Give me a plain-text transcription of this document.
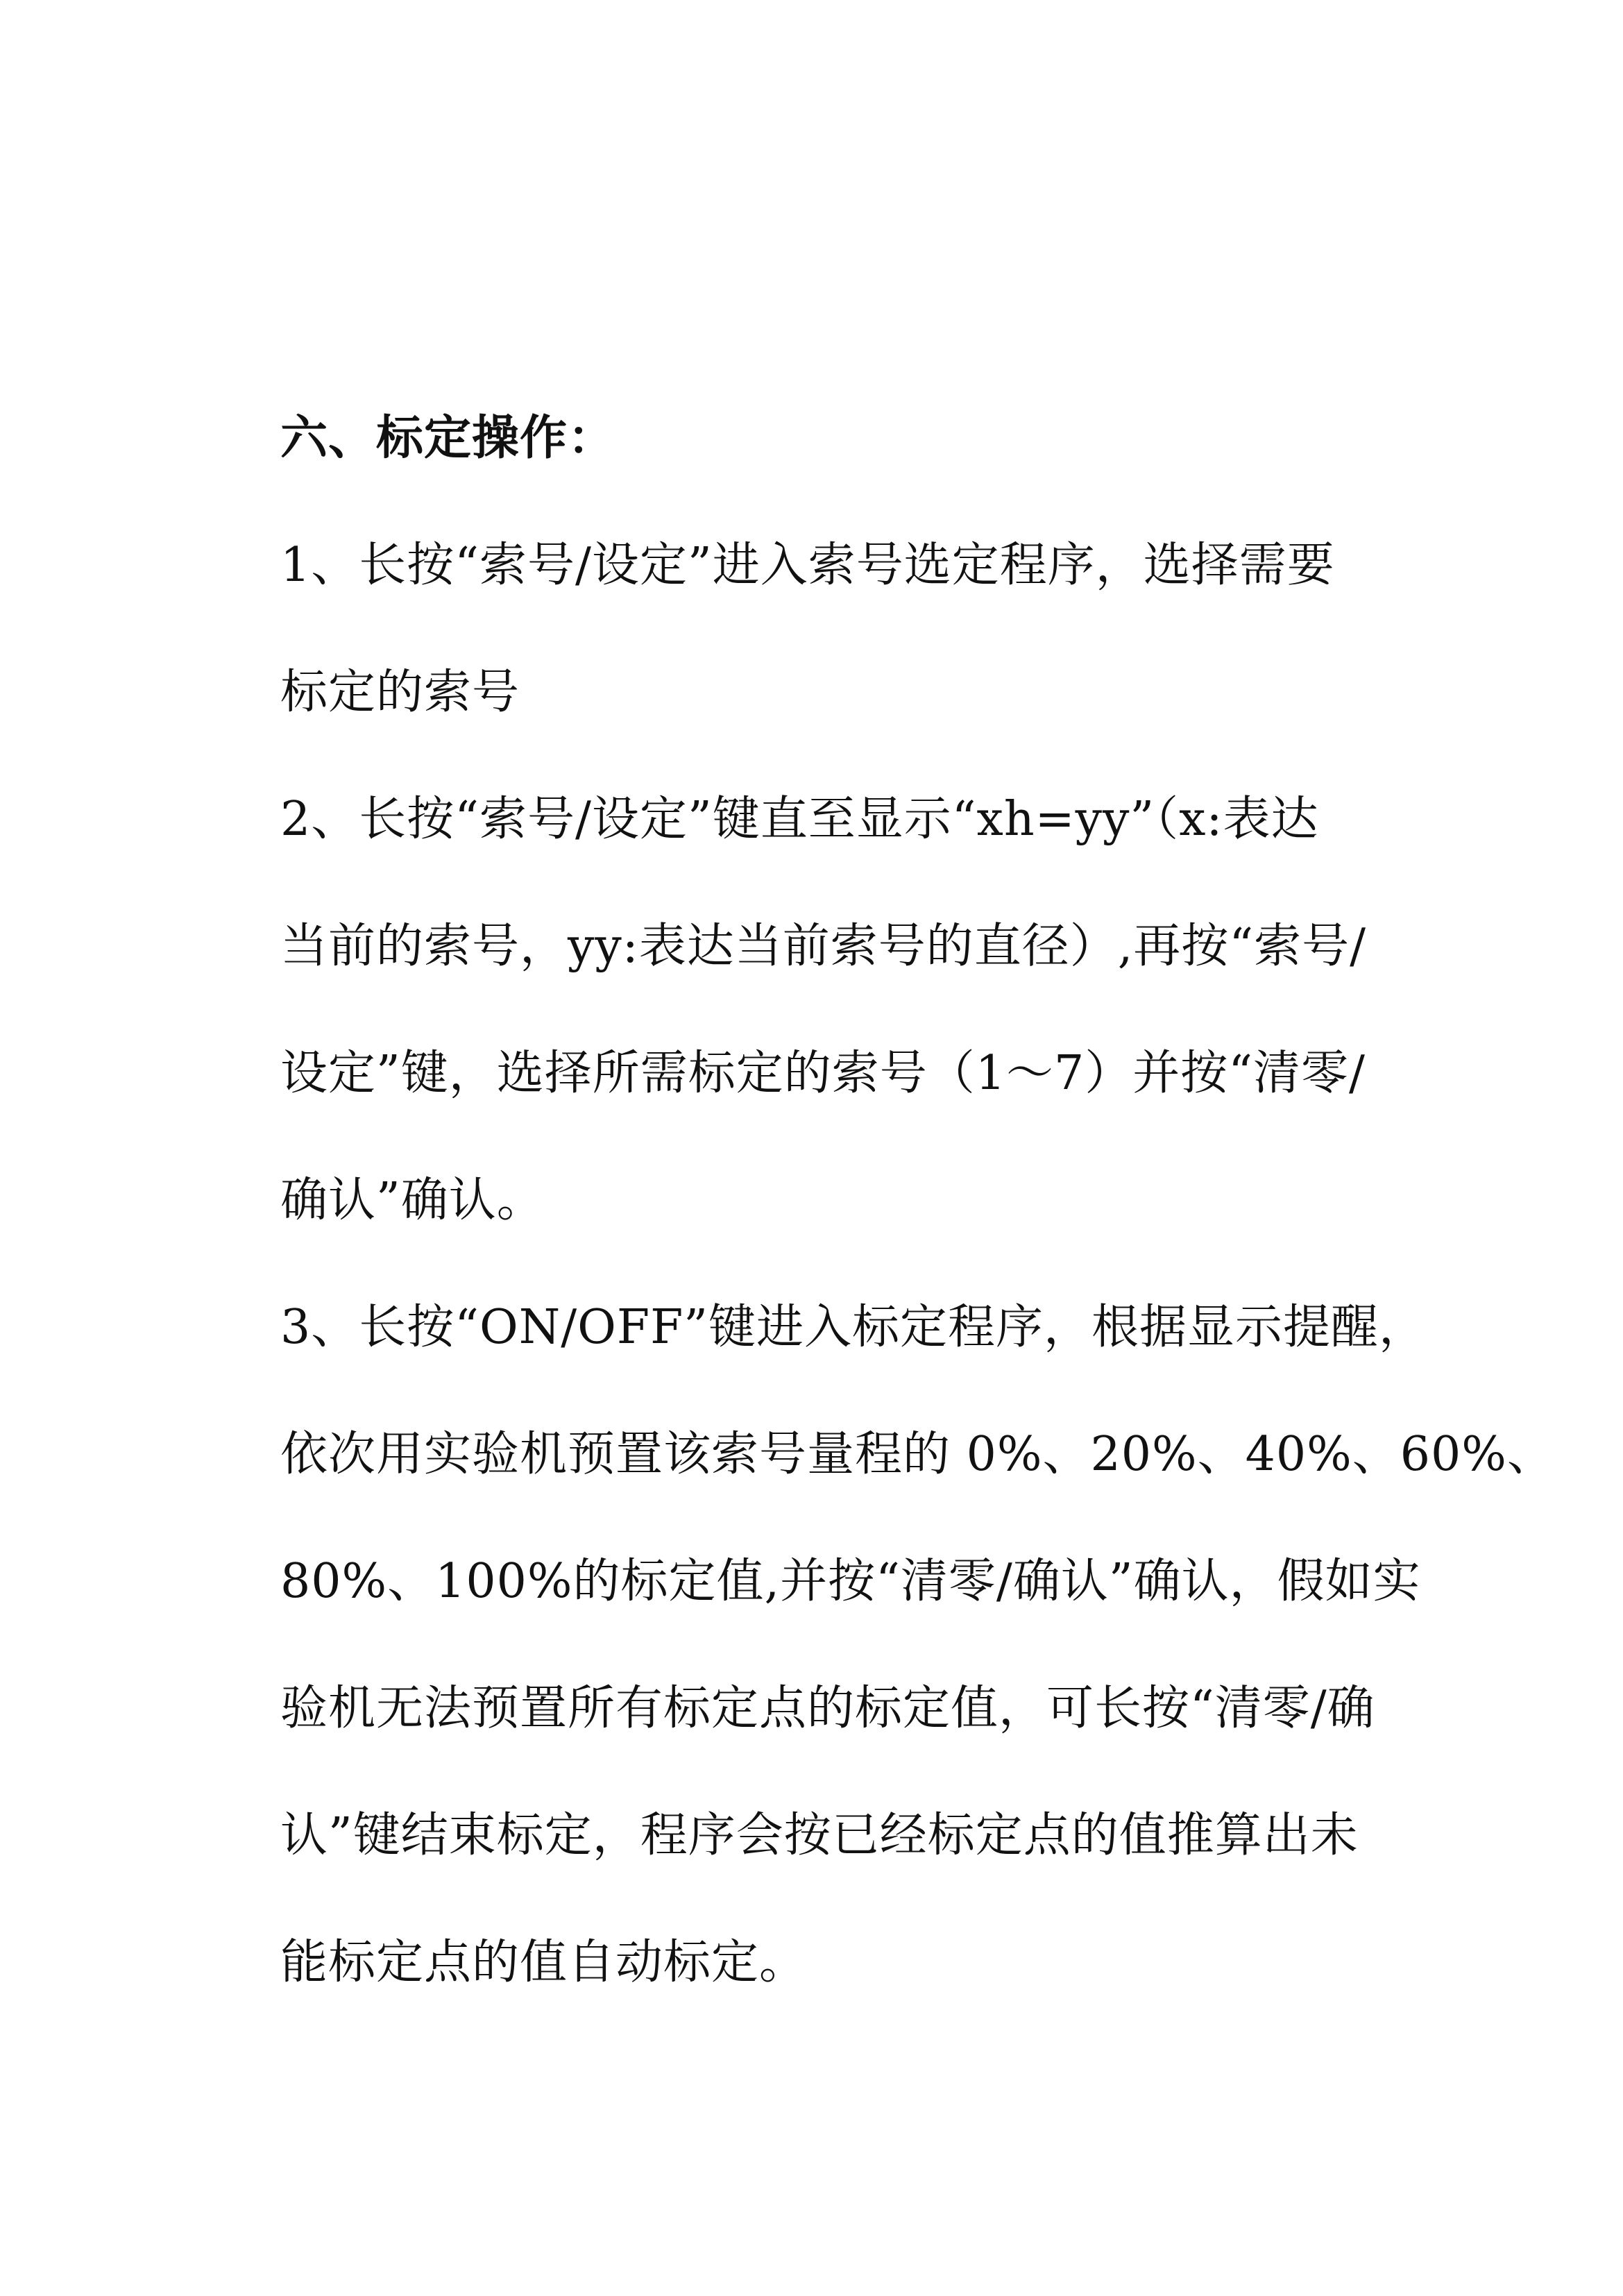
六、标定操作：
1、长按“索号/设定”进入索号选定程序，选择需要
标定的索号
2、长按“索号/设定”键直至显示“xh=yy”（x:表达
当前的索号，yy:表达当前索号的直径）,再按“索号/
设定”键，选择所需标定的索号（1～7）并按“清零/
确认”确认。
3、长按“ON/OFF”键进入标定程序，根据显示提醒，
依次用实验机预置该索号量程的 0%、20%、40%、60%、
80%、100%的标定值,并按“清零/确认”确认，假如实
验机无法预置所有标定点的标定值，可长按“清零/确
认”键结束标定，程序会按已经标定点的值推算出未
能标定点的值自动标定。
